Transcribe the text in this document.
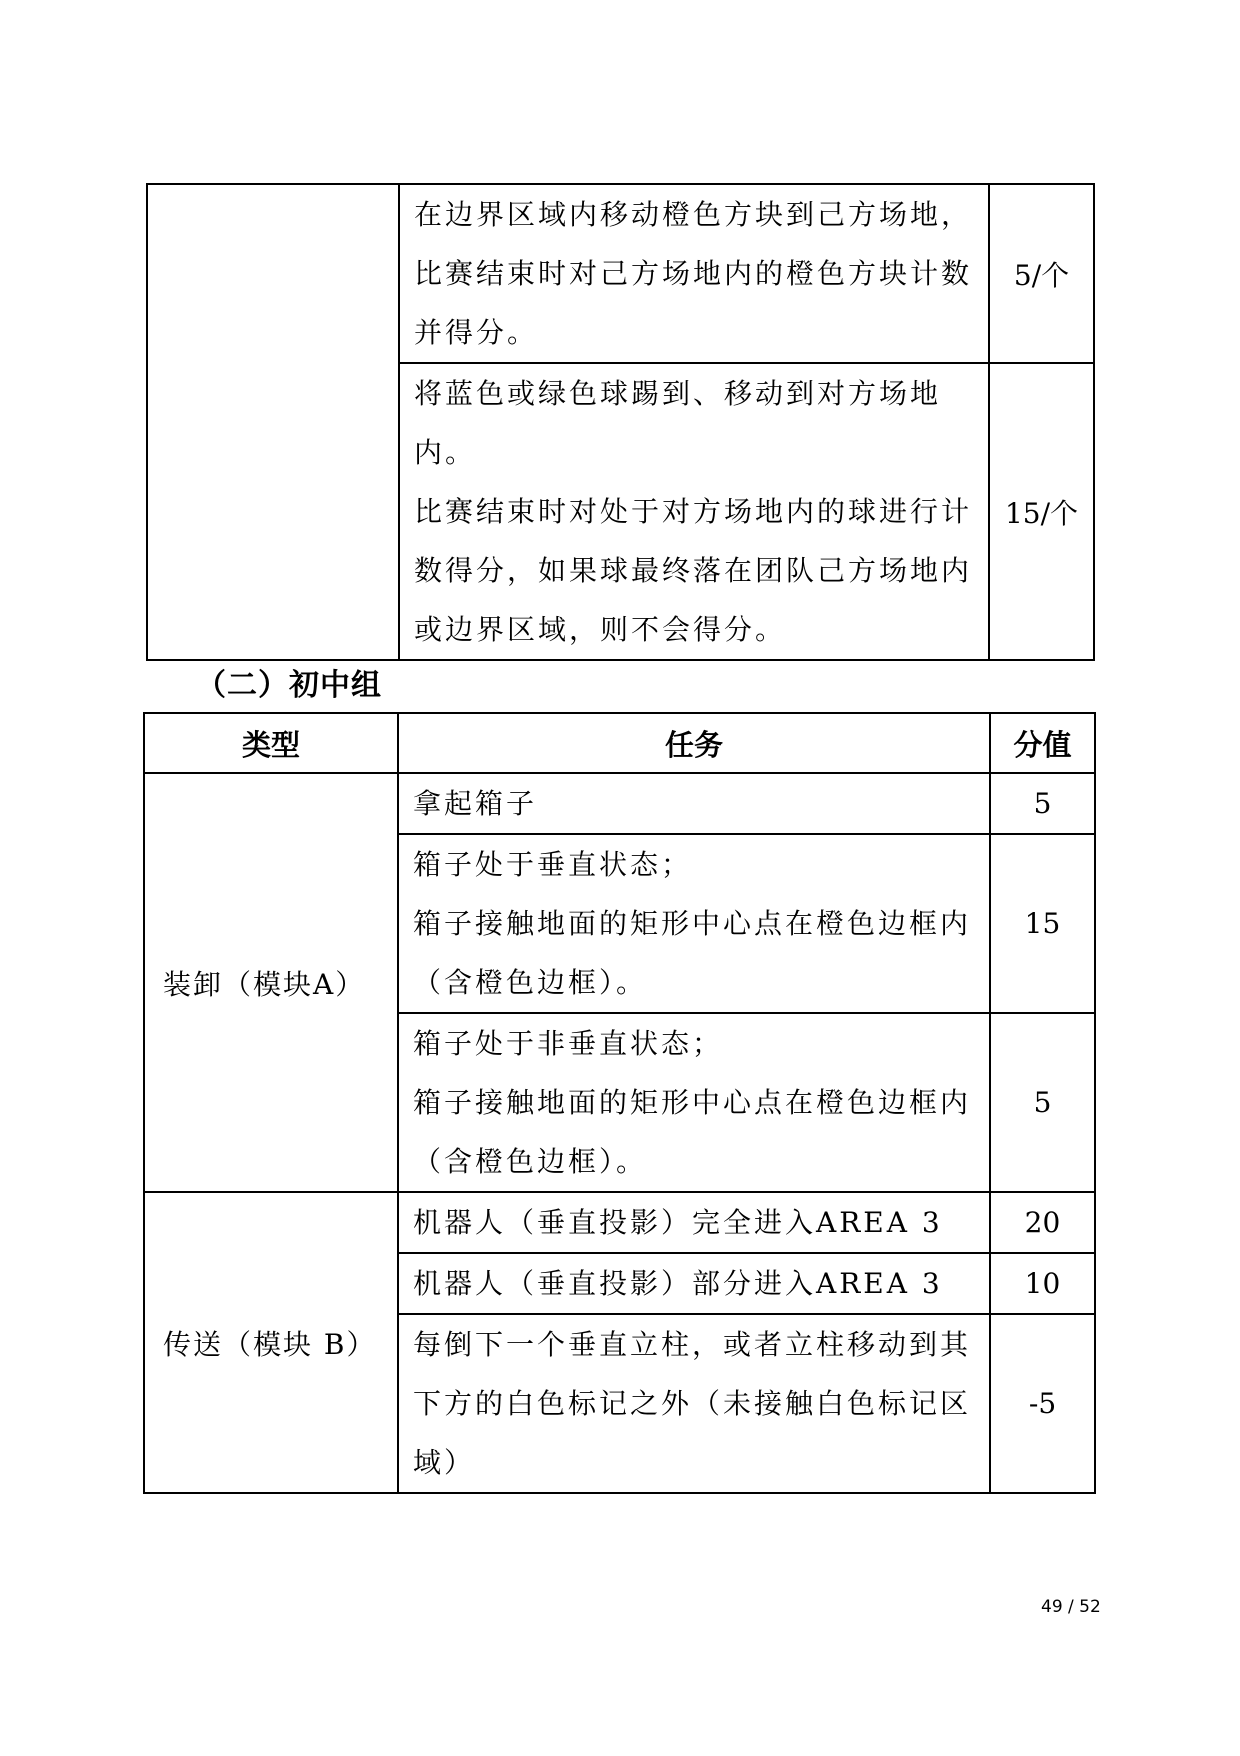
	在边界区域内移动橙色方块到己方场地，
比赛结束时对己方场地内的橙色方块计数
并得分。	5/个

	将蓝色或绿色球踢到、移动到对方场地
内。
比赛结束时对处于对方场地内的球进行计
数得分，如果球最终落在团队己方场地内
或边界区域，则不会得分。	15/个
（二）初中组
类型	任务	分值
装卸（模块A）	拿起箱子	5

	箱子处于垂直状态；
箱子接触地面的矩形中心点在橙色边框内
（含橙色边框）。	15

	箱子处于非垂直状态；
箱子接触地面的矩形中心点在橙色边框内
（含橙色边框）。	5
传送（模块 B）	机器人（垂直投影）完全进入AREA 3	20

	机器人（垂直投影）部分进入AREA 3	10

	每倒下一个垂直立柱，或者立柱移动到其
下方的白色标记之外（未接触白色标记区
域）	-5
49 / 52
